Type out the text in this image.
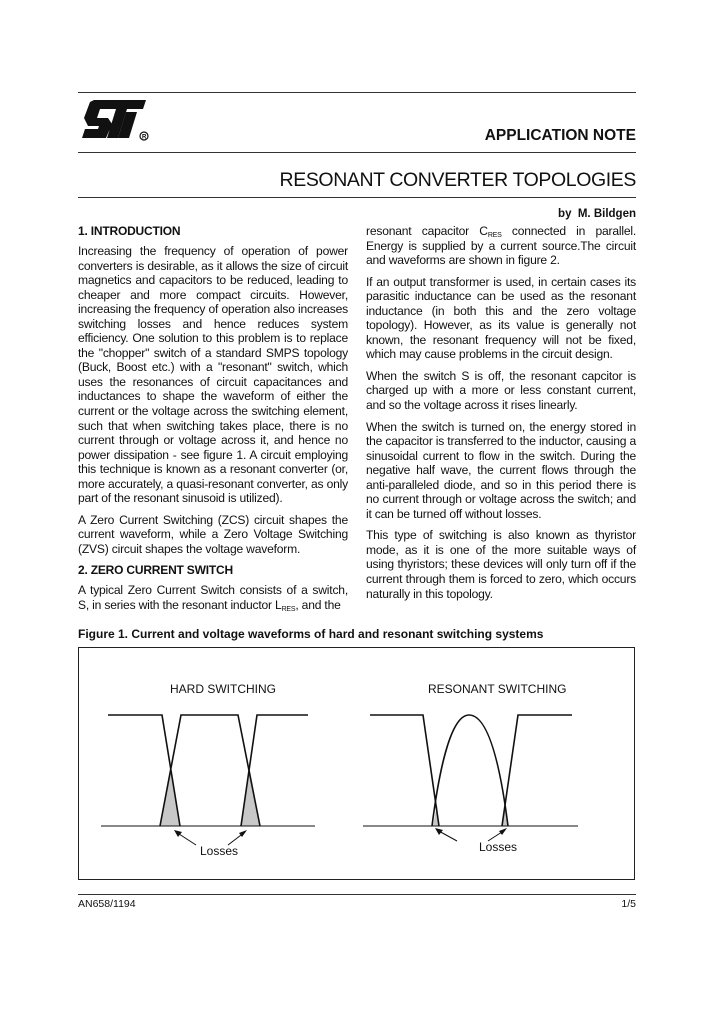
R	APPLICATION NOTE
RESONANT CONVERTER TOPOLOGIES
by  M. Bildgen
1. INTRODUCTION

Increasing the frequency of operation of power converters is desirable, as it allows the size of circuit magnetics and capacitors to be reduced, leading to cheaper and more compact circuits. However, increasing the frequency of operation also increases switching losses and hence reduces system efficiency. One solution to this problem is to replace the "chopper" switch of a standard SMPS topology (Buck, Boost etc.) with a "resonant" switch, which uses the resonances of circuit capacitances and inductances to shape the waveform of either the current or the voltage across the switching element, such that when switching takes place, there is no current through or voltage across it, and hence no power dissipation - see figure 1. A circuit employing this technique is known as a resonant converter (or, more accurately, a quasi-resonant converter, as only part of the resonant sinusoid is utilized).

A Zero Current Switching (ZCS) circuit shapes the current waveform, while a Zero Voltage Switching (ZVS) circuit shapes the voltage waveform.

2. ZERO CURRENT SWITCH

A typical Zero Current Switch consists of a switch, S, in series with the resonant inductor $L_{RES}$, and the

resonant capacitor $C_{RES}$ connected in parallel. Energy is supplied by a current source.The circuit and waveforms are shown in figure 2.

If an output transformer is used, in certain cases its parasitic inductance can be used as the resonant inductance (in both this and the zero voltage topology). However, as its value is generally not known, the resonant frequency will not be fixed, which may cause problems in the circuit design.

When the switch S is off, the resonant capcitor is charged up with a more or less constant current, and so the voltage across it rises linearly.

When the switch is turned on, the energy stored in the capacitor is transferred to the inductor, causing a sinusoidal current to flow in the switch. During the negative half wave, the current flows through the anti-paralleled diode, and so in this period there is no current through or voltage across the switch; and it can be turned off without losses.

This type of switching is also known as thyristor mode, as it is one of the more suitable ways of using thyristors; these devices will only turn off if the current through them is forced to zero, which occurs naturally in this topology.

Figure 1. Current and voltage waveforms of hard and resonant switching systems
HARD SWITCHING	RESONANT SWITCHING
Losses	Losses
AN658/1194	1/5
